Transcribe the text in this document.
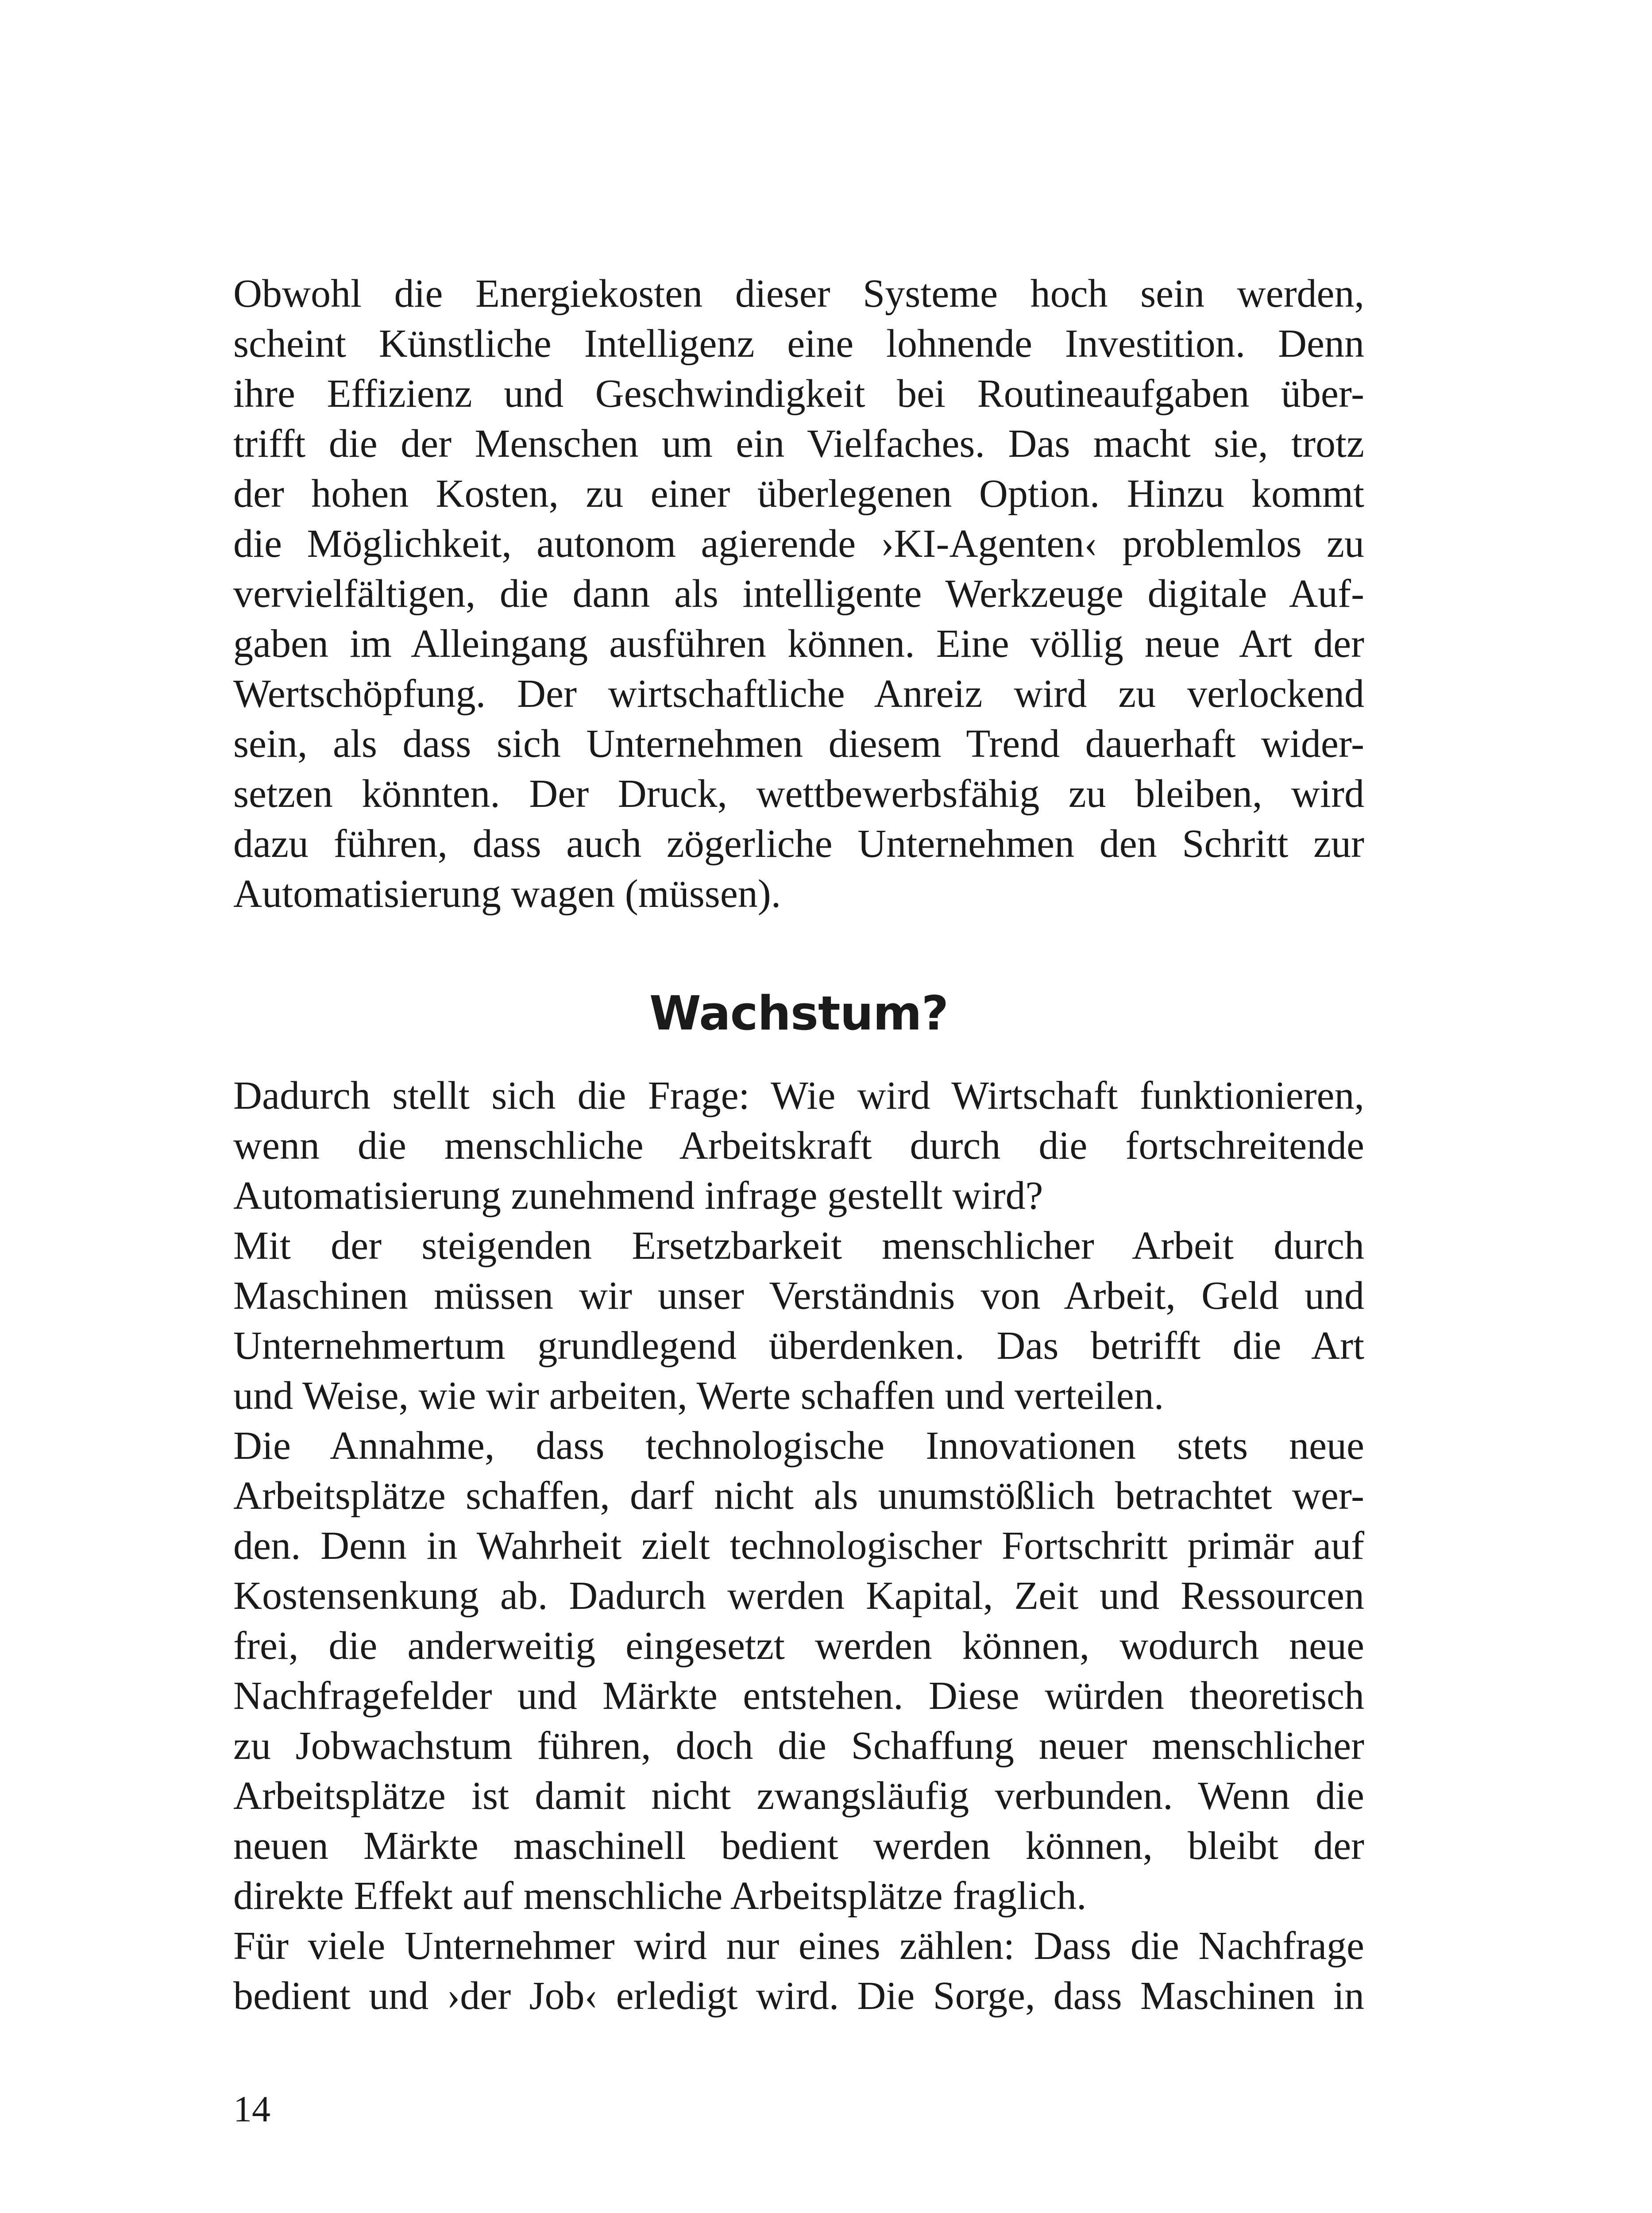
Obwohl die Energiekosten dieser Systeme hoch sein werden,
scheint Künstliche Intelligenz eine lohnende Investition. Denn
ihre Effizienz und Geschwindigkeit bei Routineaufgaben über-
trifft die der Menschen um ein Vielfaches. Das macht sie, trotz
der hohen Kosten, zu einer überlegenen Option. Hinzu kommt
die Möglichkeit, autonom agierende ›KI-Agenten‹ problemlos zu
vervielfältigen, die dann als intelligente Werkzeuge digitale Auf-
gaben im Alleingang ausführen können. Eine völlig neue Art der
Wertschöpfung. Der wirtschaftliche Anreiz wird zu verlockend
sein, als dass sich Unternehmen diesem Trend dauerhaft wider-
setzen könnten. Der Druck, wettbewerbsfähig zu bleiben, wird
dazu führen, dass auch zögerliche Unternehmen den Schritt zur
Automatisierung wagen (müssen).
Wachstum?
Dadurch stellt sich die Frage: Wie wird Wirtschaft funktionieren,
wenn die menschliche Arbeitskraft durch die fortschreitende
Automatisierung zunehmend infrage gestellt wird?
Mit der steigenden Ersetzbarkeit menschlicher Arbeit durch
Maschinen müssen wir unser Verständnis von Arbeit, Geld und
Unternehmertum grundlegend überdenken. Das betrifft die Art
und Weise, wie wir arbeiten, Werte schaffen und verteilen.
Die Annahme, dass technologische Innovationen stets neue
Arbeitsplätze schaffen, darf nicht als unumstößlich betrachtet wer-
den. Denn in Wahrheit zielt technologischer Fortschritt primär auf
Kostensenkung ab. Dadurch werden Kapital, Zeit und Ressourcen
frei, die anderweitig eingesetzt werden können, wodurch neue
Nachfragefelder und Märkte entstehen. Diese würden theoretisch
zu Jobwachstum führen, doch die Schaffung neuer menschlicher
Arbeitsplätze ist damit nicht zwangsläufig verbunden. Wenn die
neuen Märkte maschinell bedient werden können, bleibt der
direkte Effekt auf menschliche Arbeitsplätze fraglich.
Für viele Unternehmer wird nur eines zählen: Dass die Nachfrage
bedient und ›der Job‹ erledigt wird. Die Sorge, dass Maschinen in
14
